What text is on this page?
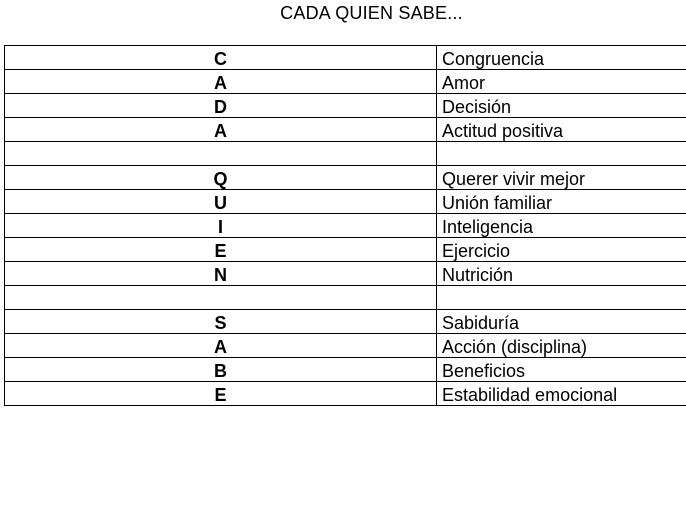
CADA QUIEN SABE...
C	Congruencia
A	Amor
D	Decisión
A	Actitud positiva

Q	Querer vivir mejor
U	Unión familiar
I	Inteligencia
E	Ejercicio
N	Nutrición

S	Sabiduría
A	Acción (disciplina)
B	Beneficios
E	Estabilidad emocional
